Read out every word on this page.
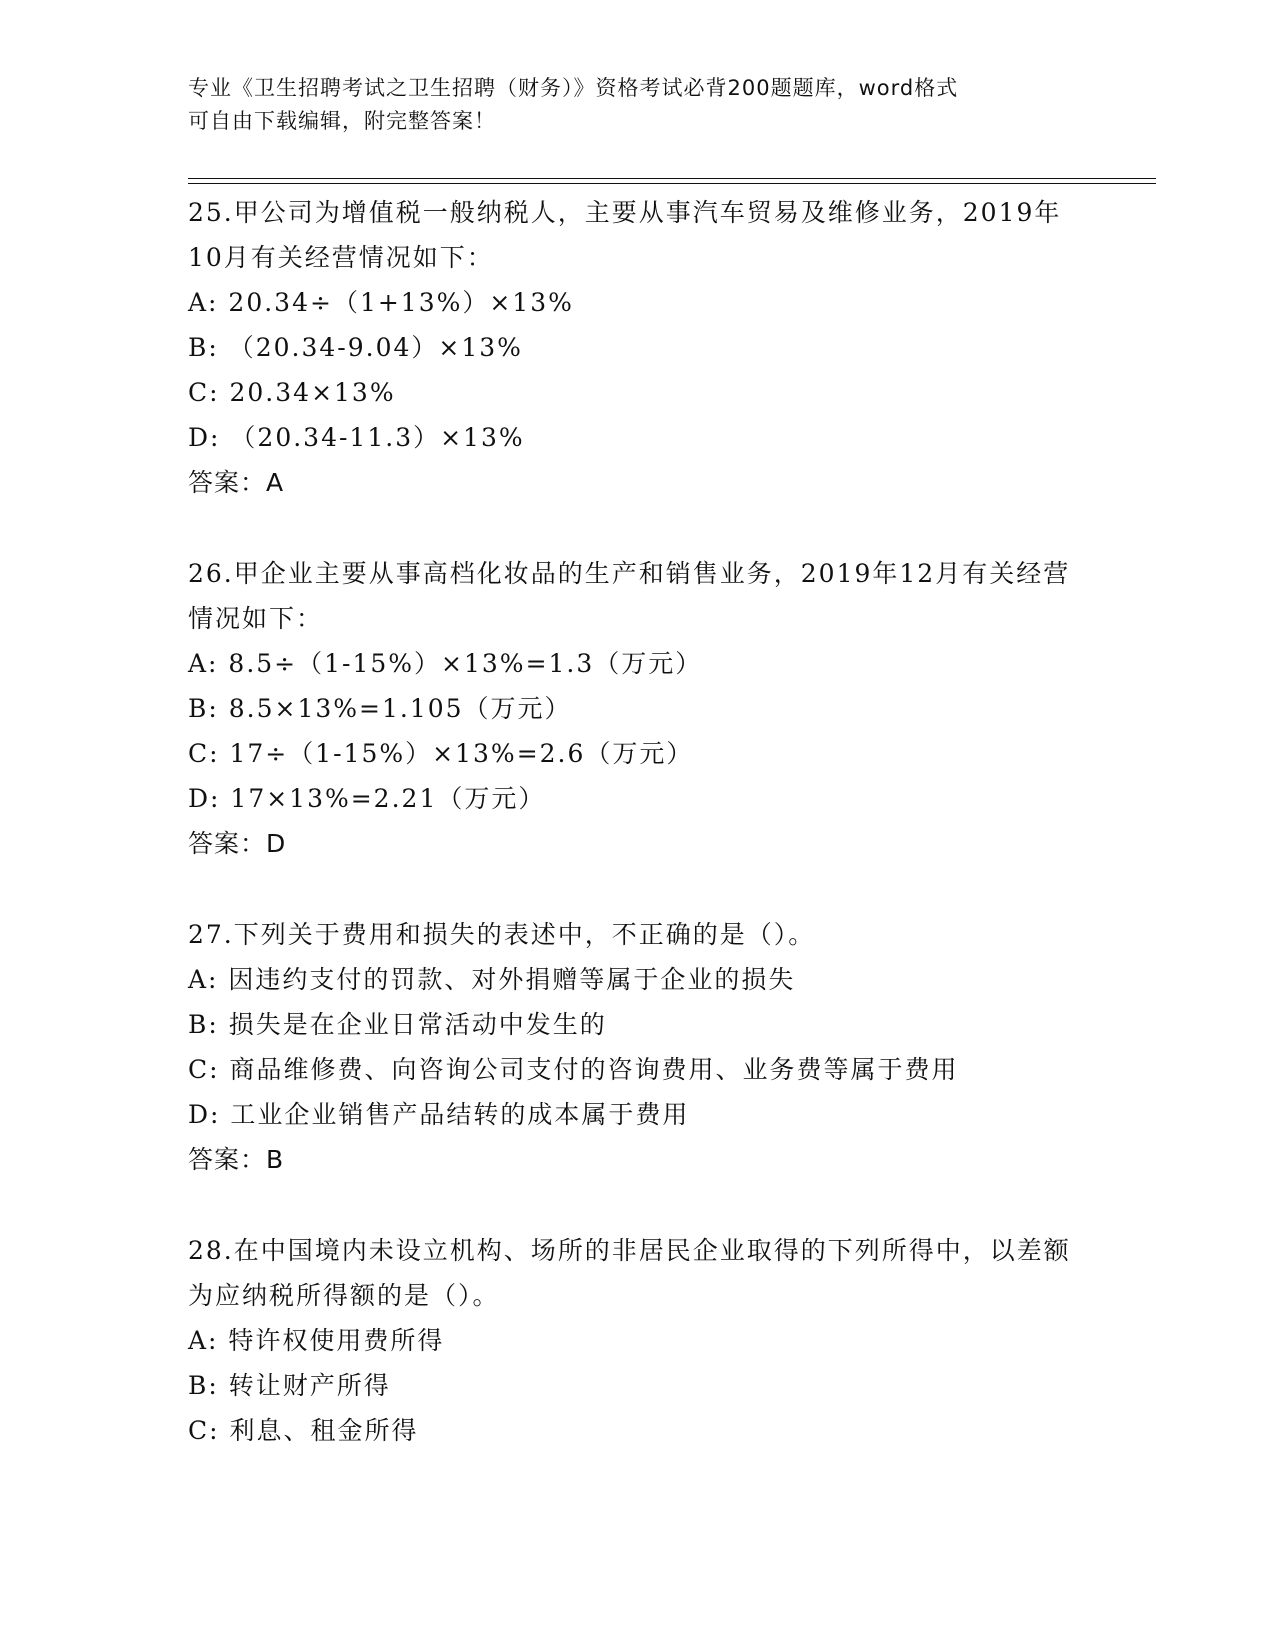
专业《卫生招聘考试之卫生招聘（财务）》资格考试必背200题题库，word格式
可自由下载编辑，附完整答案！

25.甲公司为增值税一般纳税人，主要从事汽车贸易及维修业务，2019年10月有关经营情况如下：

A: 20.34÷（1+13%）×13%

B: （20.34-9.04）×13%

C: 20.34×13%

D: （20.34-11.3）×13%

答案：A

26.甲企业主要从事高档化妆品的生产和销售业务，2019年12月有关经营情况如下：

A: 8.5÷（1-15%）×13%=1.3（万元）

B: 8.5×13%=1.105（万元）

C: 17÷（1-15%）×13%=2.6（万元）

D: 17×13%=2.21（万元）

答案：D

27.下列关于费用和损失的表述中，不正确的是（）。

A: 因违约支付的罚款、对外捐赠等属于企业的损失

B: 损失是在企业日常活动中发生的

C: 商品维修费、向咨询公司支付的咨询费用、业务费等属于费用

D: 工业企业销售产品结转的成本属于费用

答案：B

28.在中国境内未设立机构、场所的非居民企业取得的下列所得中，以差额为应纳税所得额的是（）。

A: 特许权使用费所得

B: 转让财产所得

C: 利息、租金所得
